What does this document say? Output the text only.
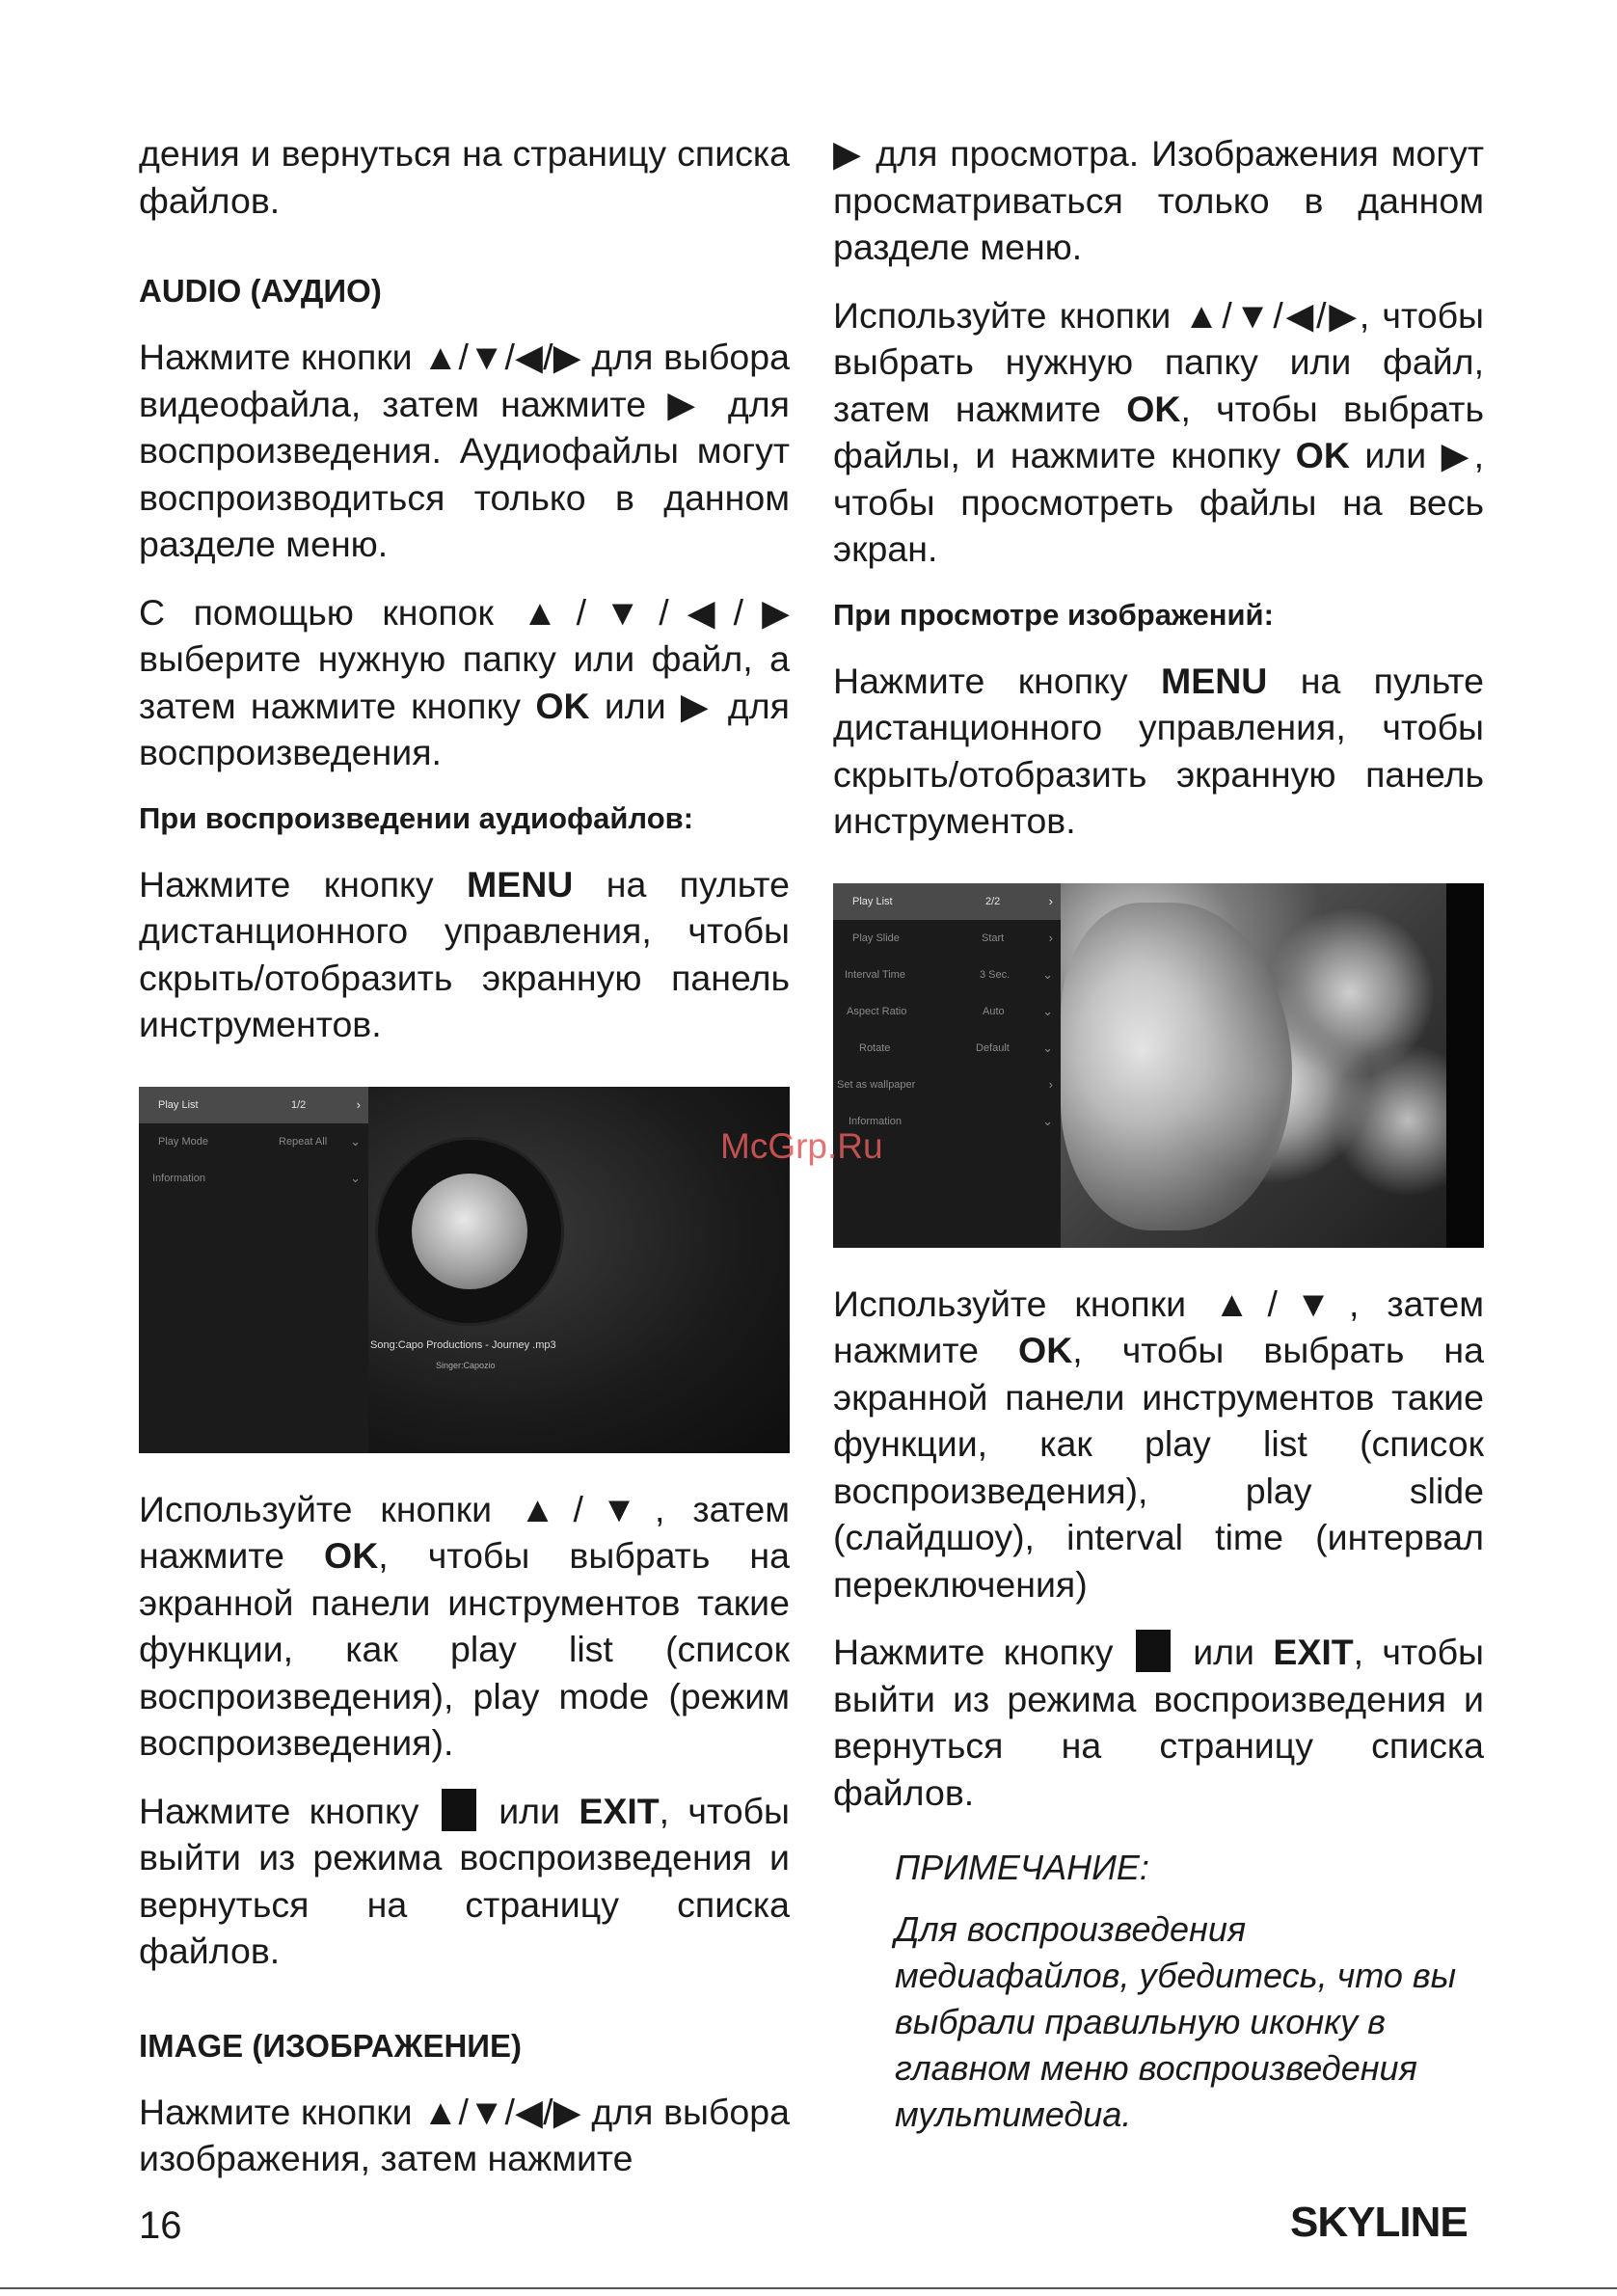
дения и вернуться на страницу списка файлов.

AUDIO (АУДИО)

Нажмите кнопки ▲/▼/◀/▶ для выбора видеофайла, затем нажмите ▶ для воспроизведения. Аудиофайлы могут воспроизводиться только в данном разделе меню.

С помощью кнопок ▲/▼/◀/▶ выберите нужную папку или файл, а затем нажмите кнопку OK или ▶ для воспроизведения.

При воспроизведении аудиофайлов:

Нажмите кнопку MENU на пульте дистанционного управления, чтобы скрыть/отобразить экранную панель инструментов.

Play List	1/2	›
Play Mode	Repeat All ⌄
Information	⌄
Song:Capo Productions - Journey .mp3
Singer:Capozio

Используйте кнопки ▲/▼, затем нажмите OK, чтобы выбрать на экранной панели инструментов такие функции, как play list (список воспроизведения), play mode (режим воспроизведения).

Нажмите кнопку  или EXIT, чтобы выйти из режима воспроизведения и вернуться на страницу списка файлов.

IMAGE (ИЗОБРАЖЕНИЕ)

Нажмите кнопки ▲/▼/◀/▶ для выбора изображения, затем нажмите

▶ для просмотра. Изображения могут просматриваться только в данном разделе меню.

Используйте кнопки ▲/▼/◀/▶, чтобы выбрать нужную папку или файл, затем нажмите OK, чтобы выбрать файлы, и нажмите кнопку OK или ▶, чтобы просмотреть файлы на весь экран.

При просмотре изображений:

Нажмите кнопку MENU на пульте дистанционного управления, чтобы скрыть/отобразить экранную панель инструментов.

Play List	2/2	›
Play Slide	Start	›
Interval Time	3 Sec.	⌄
Aspect Ratio	Auto	⌄
Rotate	Default	⌄
Set as wallpaper	›
Information	⌄

Используйте кнопки ▲/▼, затем нажмите OK, чтобы выбрать на экранной панели инструментов такие функции, как play list (список воспроизведения), play slide (слайдшоу), interval time (интервал переключения)

Нажмите кнопку  или EXIT, чтобы выйти из режима воспроизведения и вернуться на страницу списка файлов.

ПРИМЕЧАНИЕ:

Для воспроизведения медиафайлов, убедитесь, что вы выбрали правильную иконку в главном меню воспроизведения мультимедиа.

McGrp.Ru
16	SKYLINE
